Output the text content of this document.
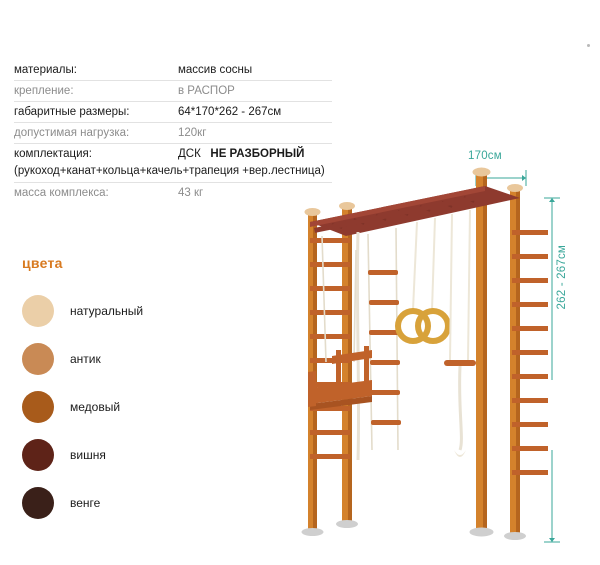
материалы:	массив сосны
крепление:	в РАСПОР
габаритные размеры:	64*170*262 - 267см
допустимая нагрузка:	120кг
комплектация:	ДСК НЕ РАЗБОРНЫЙ
(рукоход+канат+кольца+качель+трапеция +вер.лестница)	
масса комплекса:	43 кг
цвета
натуральный
антик
медовый
вишня
венге
170см
262 - 267см
